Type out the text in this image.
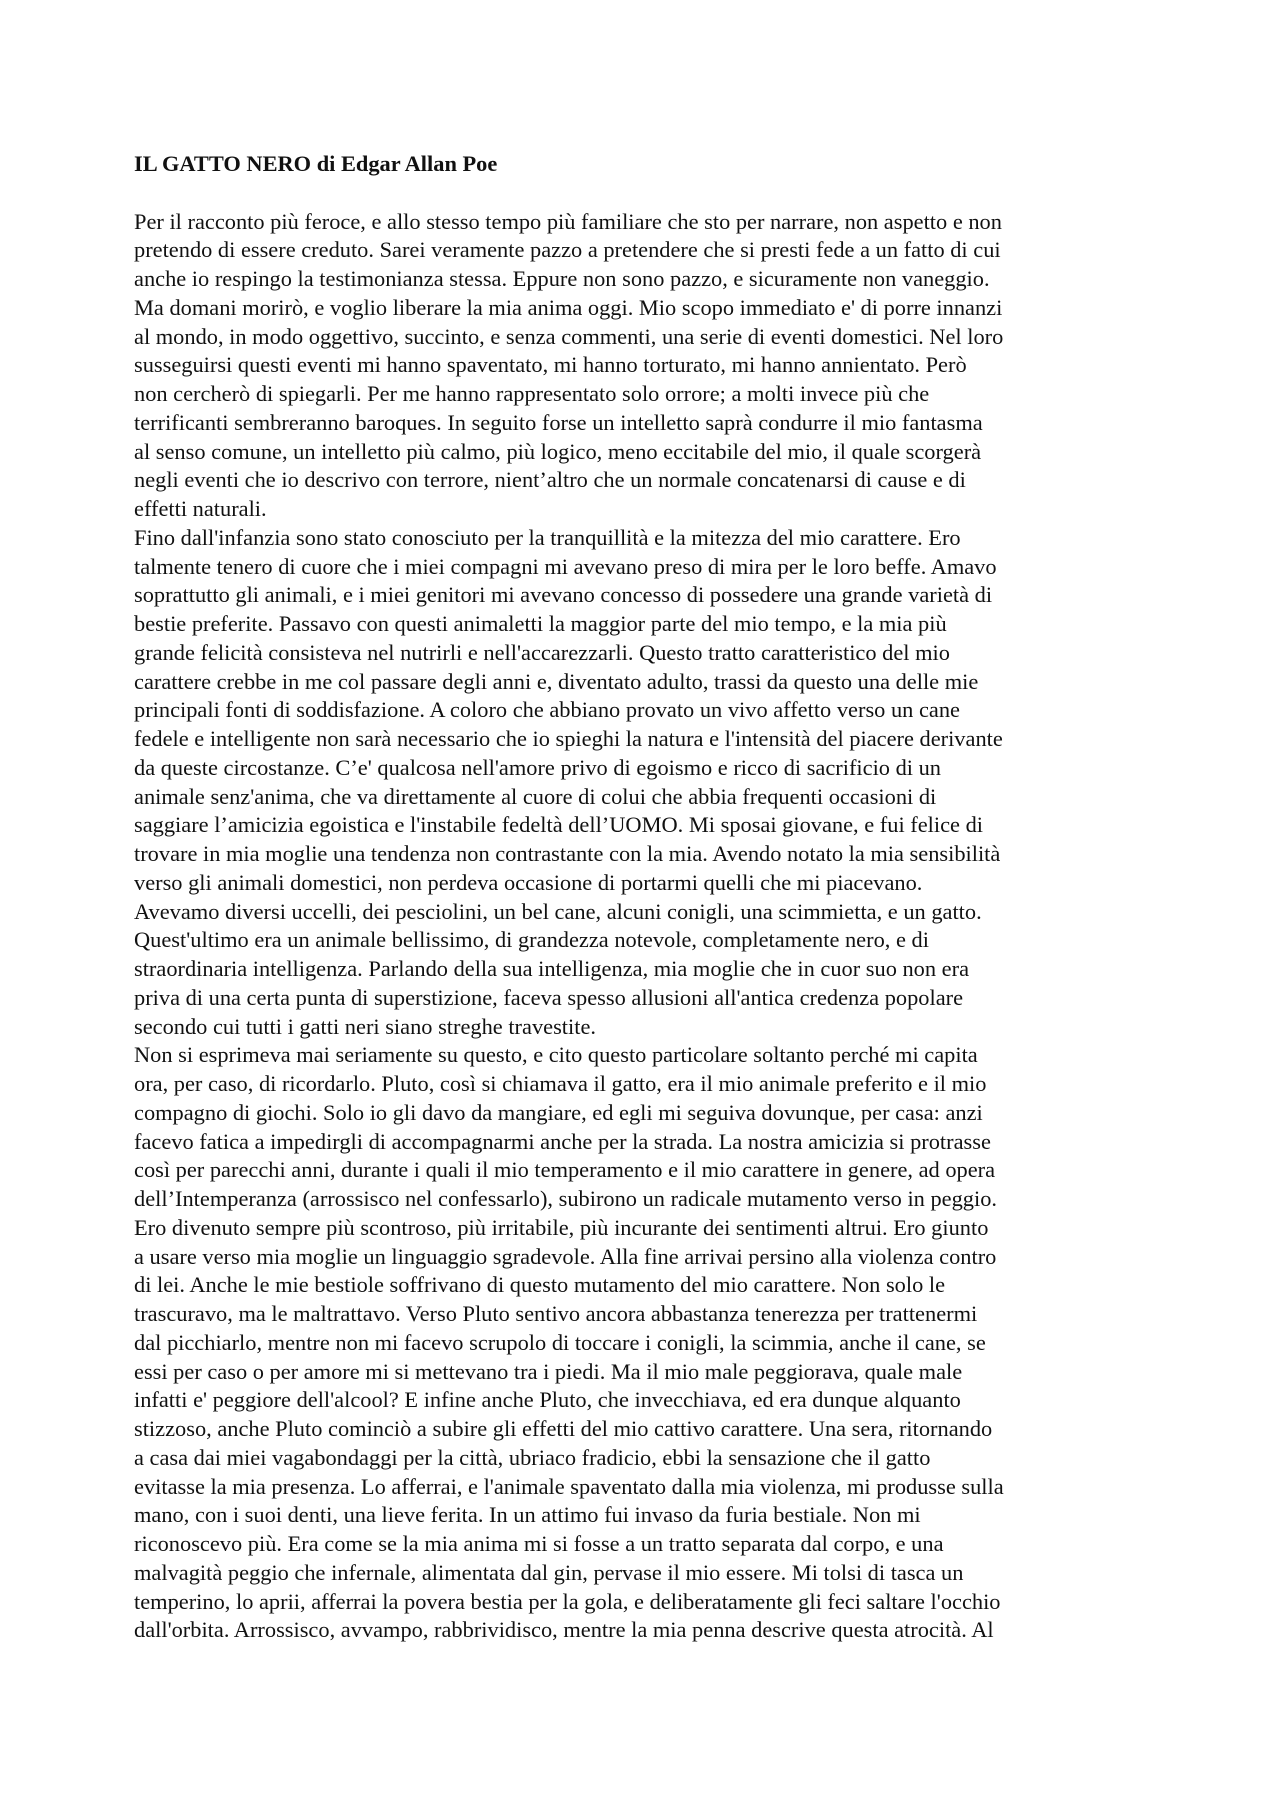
IL GATTO NERO di Edgar Allan Poe
Per il racconto più feroce, e allo stesso tempo più familiare che sto per narrare, non aspetto e non
pretendo di essere creduto. Sarei veramente pazzo a pretendere che si presti fede a un fatto di cui
anche io respingo la testimonianza stessa. Eppure non sono pazzo, e sicuramente non vaneggio.
Ma domani morirò, e voglio liberare la mia anima oggi. Mio scopo immediato e' di porre innanzi
al mondo, in modo oggettivo, succinto, e senza commenti, una serie di eventi domestici. Nel loro
susseguirsi questi eventi mi hanno spaventato, mi hanno torturato, mi hanno annientato. Però
non cercherò di spiegarli. Per me hanno rappresentato solo orrore; a molti invece più che
terrificanti sembreranno baroques. In seguito forse un intelletto saprà condurre il mio fantasma
al senso comune, un intelletto più calmo, più logico, meno eccitabile del mio, il quale scorgerà
negli eventi che io descrivo con terrore, nient’altro che un normale concatenarsi di cause e di
effetti naturali.
Fino dall'infanzia sono stato conosciuto per la tranquillità e la mitezza del mio carattere. Ero
talmente tenero di cuore che i miei compagni mi avevano preso di mira per le loro beffe. Amavo
soprattutto gli animali, e i miei genitori mi avevano concesso di possedere una grande varietà di
bestie preferite. Passavo con questi animaletti la maggior parte del mio tempo, e la mia più
grande felicità consisteva nel nutrirli e nell'accarezzarli. Questo tratto caratteristico del mio
carattere crebbe in me col passare degli anni e, diventato adulto, trassi da questo una delle mie
principali fonti di soddisfazione. A coloro che abbiano provato un vivo affetto verso un cane
fedele e intelligente non sarà necessario che io spieghi la natura e l'intensità del piacere derivante
da queste circostanze. C’e' qualcosa nell'amore privo di egoismo e ricco di sacrificio di un
animale senz'anima, che va direttamente al cuore di colui che abbia frequenti occasioni di
saggiare l’amicizia egoistica e l'instabile fedeltà dell’UOMO. Mi sposai giovane, e fui felice di
trovare in mia moglie una tendenza non contrastante con la mia. Avendo notato la mia sensibilità
verso gli animali domestici, non perdeva occasione di portarmi quelli che mi piacevano.
Avevamo diversi uccelli, dei pesciolini, un bel cane, alcuni conigli, una scimmietta, e un gatto.
Quest'ultimo era un animale bellissimo, di grandezza notevole, completamente nero, e di
straordinaria intelligenza. Parlando della sua intelligenza, mia moglie che in cuor suo non era
priva di una certa punta di superstizione, faceva spesso allusioni all'antica credenza popolare
secondo cui tutti i gatti neri siano streghe travestite.
Non si esprimeva mai seriamente su questo, e cito questo particolare soltanto perché mi capita
ora, per caso, di ricordarlo. Pluto, così si chiamava il gatto, era il mio animale preferito e il mio
compagno di giochi. Solo io gli davo da mangiare, ed egli mi seguiva dovunque, per casa: anzi
facevo fatica a impedirgli di accompagnarmi anche per la strada. La nostra amicizia si protrasse
così per parecchi anni, durante i quali il mio temperamento e il mio carattere in genere, ad opera
dell’Intemperanza (arrossisco nel confessarlo), subirono un radicale mutamento verso in peggio.
Ero divenuto sempre più scontroso, più irritabile, più incurante dei sentimenti altrui. Ero giunto
a usare verso mia moglie un linguaggio sgradevole. Alla fine arrivai persino alla violenza contro
di lei. Anche le mie bestiole soffrivano di questo mutamento del mio carattere. Non solo le
trascuravo, ma le maltrattavo. Verso Pluto sentivo ancora abbastanza tenerezza per trattenermi
dal picchiarlo, mentre non mi facevo scrupolo di toccare i conigli, la scimmia, anche il cane, se
essi per caso o per amore mi si mettevano tra i piedi. Ma il mio male peggiorava, quale male
infatti e' peggiore dell'alcool? E infine anche Pluto, che invecchiava, ed era dunque alquanto
stizzoso, anche Pluto cominciò a subire gli effetti del mio cattivo carattere. Una sera, ritornando
a casa dai miei vagabondaggi per la città, ubriaco fradicio, ebbi la sensazione che il gatto
evitasse la mia presenza. Lo afferrai, e l'animale spaventato dalla mia violenza, mi produsse sulla
mano, con i suoi denti, una lieve ferita. In un attimo fui invaso da furia bestiale. Non mi
riconoscevo più. Era come se la mia anima mi si fosse a un tratto separata dal corpo, e una
malvagità peggio che infernale, alimentata dal gin, pervase il mio essere. Mi tolsi di tasca un
temperino, lo aprii, afferrai la povera bestia per la gola, e deliberatamente gli feci saltare l'occhio
dall'orbita. Arrossisco, avvampo, rabbrividisco, mentre la mia penna descrive questa atrocità. Al
